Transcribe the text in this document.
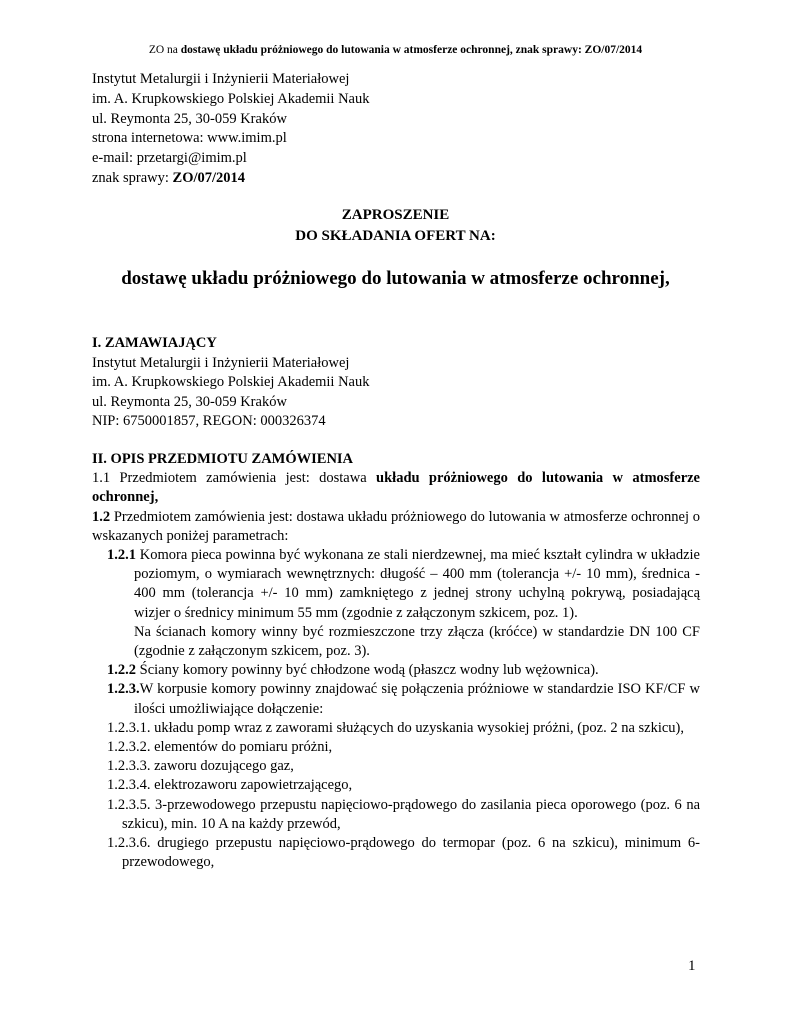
ZO na dostawę układu próżniowego do lutowania w atmosferze ochronnej, znak sprawy: ZO/07/2014
Instytut Metalurgii i Inżynierii Materiałowej
im. A. Krupkowskiego Polskiej Akademii Nauk
ul. Reymonta 25, 30-059 Kraków
strona internetowa: www.imim.pl
e-mail: przetargi@imim.pl
znak sprawy: ZO/07/2014
ZAPROSZENIE
DO SKŁADANIA OFERT NA:
dostawę układu próżniowego do lutowania w atmosferze ochronnej,
I. ZAMAWIAJĄCY
Instytut Metalurgii i Inżynierii Materiałowej
im. A. Krupkowskiego Polskiej Akademii Nauk
ul. Reymonta 25, 30-059 Kraków
NIP: 6750001857, REGON: 000326374
II. OPIS PRZEDMIOTU ZAMÓWIENIA
1.1 Przedmiotem zamówienia jest: dostawa układu próżniowego do lutowania w atmosferze ochronnej,
1.2 Przedmiotem zamówienia jest: dostawa układu próżniowego do lutowania w atmosferze ochronnej o wskazanych poniżej parametrach:
1.2.1 Komora pieca powinna być wykonana ze stali nierdzewnej, ma mieć kształt cylindra w układzie poziomym, o wymiarach wewnętrznych: długość – 400 mm (tolerancja +/- 10 mm), średnica - 400 mm (tolerancja +/- 10 mm) zamkniętego z jednej strony uchylną pokrywą, posiadającą wizjer o średnicy minimum 55 mm (zgodnie z załączonym szkicem, poz. 1).
Na ścianach komory winny być rozmieszczone trzy złącza (króćce) w standardzie DN 100 CF (zgodnie z załączonym szkicem, poz. 3).
1.2.2 Ściany komory powinny być chłodzone wodą (płaszcz wodny lub wężownica).
1.2.3.W korpusie komory powinny znajdować się połączenia próżniowe w standardzie ISO KF/CF w ilości umożliwiające dołączenie:
1.2.3.1. układu pomp wraz z zaworami służących do uzyskania wysokiej próżni, (poz. 2 na szkicu),
1.2.3.2. elementów do pomiaru próżni,
1.2.3.3. zaworu dozującego gaz,
1.2.3.4. elektrozaworu zapowietrzającego,
1.2.3.5. 3-przewodowego przepustu napięciowo-prądowego do zasilania pieca oporowego (poz. 6 na szkicu), min. 10 A na każdy przewód,
1.2.3.6. drugiego przepustu napięciowo-prądowego do termopar (poz. 6 na szkicu), minimum 6-przewodowego,
1
